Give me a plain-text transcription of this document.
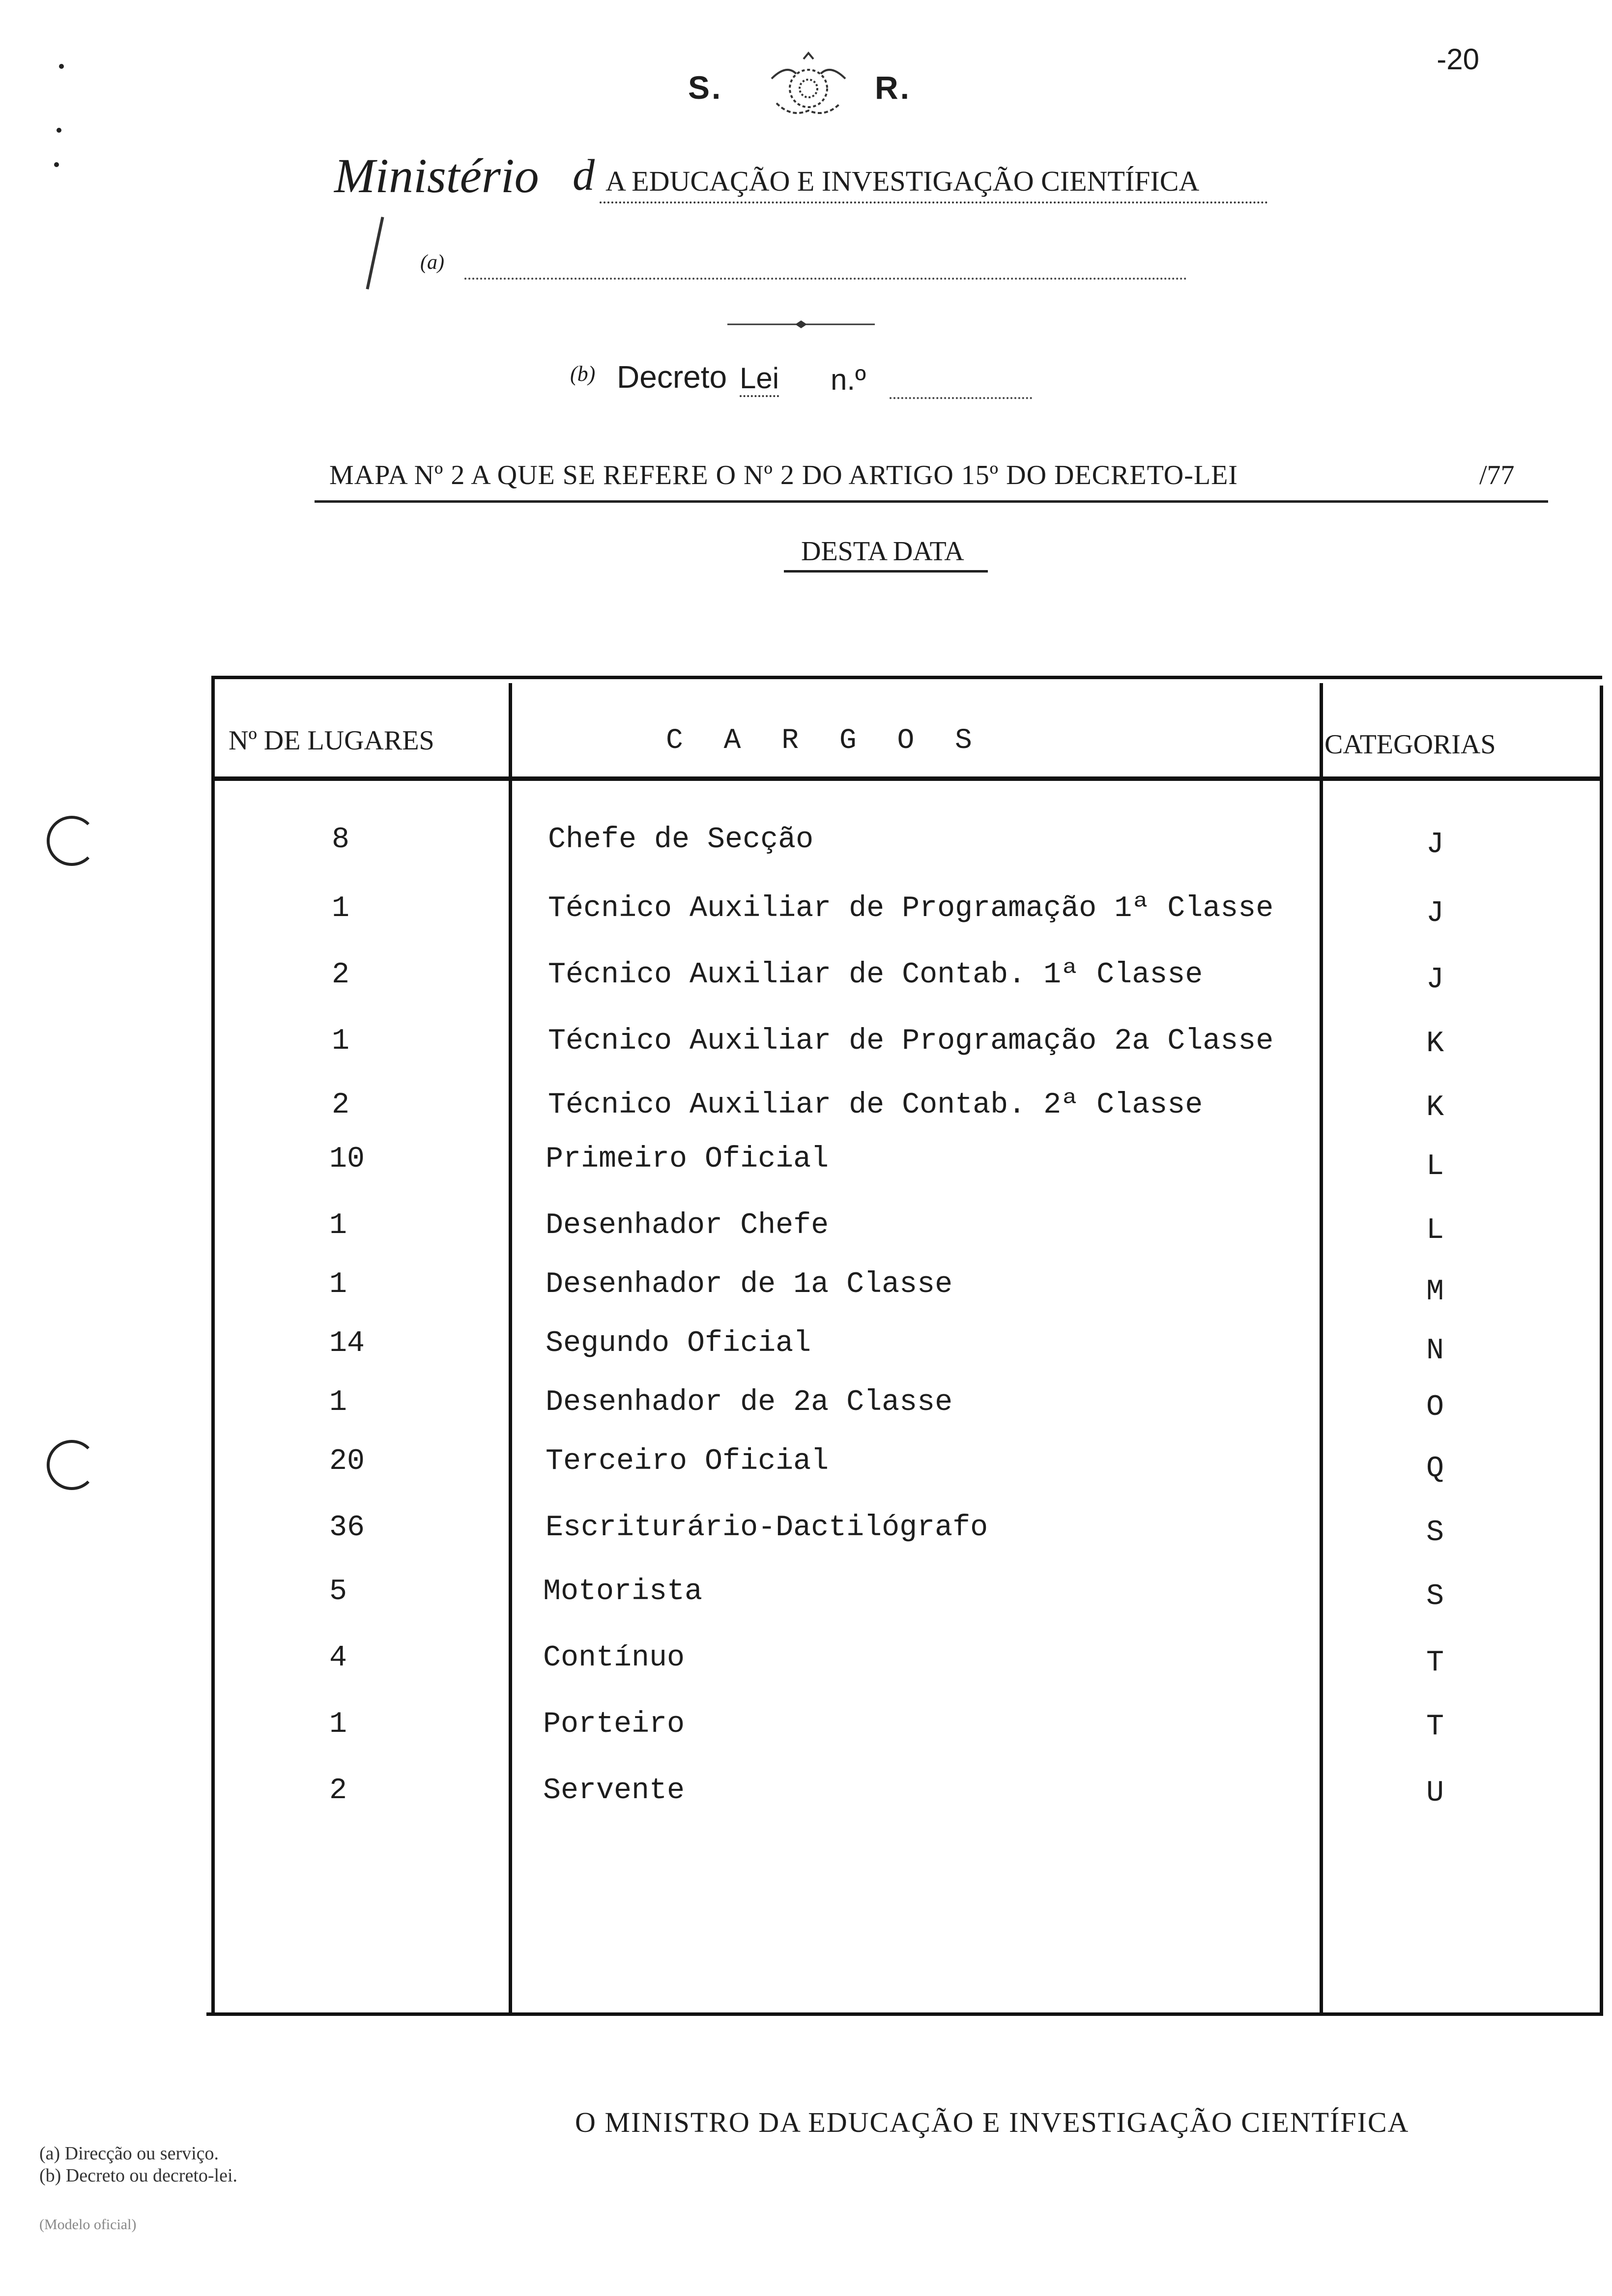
-20
S.	R.
Ministério d A EDUCAÇÃO E INVESTIGAÇÃO CIENTÍFICA
(a)
(b) Decreto Lei n.º
MAPA Nº 2 A QUE SE REFERE O Nº 2 DO ARTIGO 15º DO DECRETO-LEI	/77
DESTA DATA
Nº DE LUGARES	C A R G O S	CATEGORIAS
8	Chefe de Secção	J
1	Técnico Auxiliar de Programação 1ª Classe	J
2	Técnico Auxiliar de Contab. 1ª Classe	J
1	Técnico Auxiliar de Programação 2a Classe	K
2	Técnico Auxiliar de Contab. 2ª Classe	K
10	Primeiro Oficial	L
1	Desenhador Chefe	L
1	Desenhador de 1a Classe	M
14	Segundo Oficial	N
1	Desenhador de 2a Classe	O
20	Terceiro Oficial	Q
36	Escriturário-Dactilógrafo	S
5	Motorista	S
4	Contínuo	T
1	Porteiro	T
2	Servente	U
O MINISTRO DA EDUCAÇÃO E INVESTIGAÇÃO CIENTÍFICA
(a) Direcção ou serviço.
(b) Decreto ou decreto-lei.
(Modelo oficial)
